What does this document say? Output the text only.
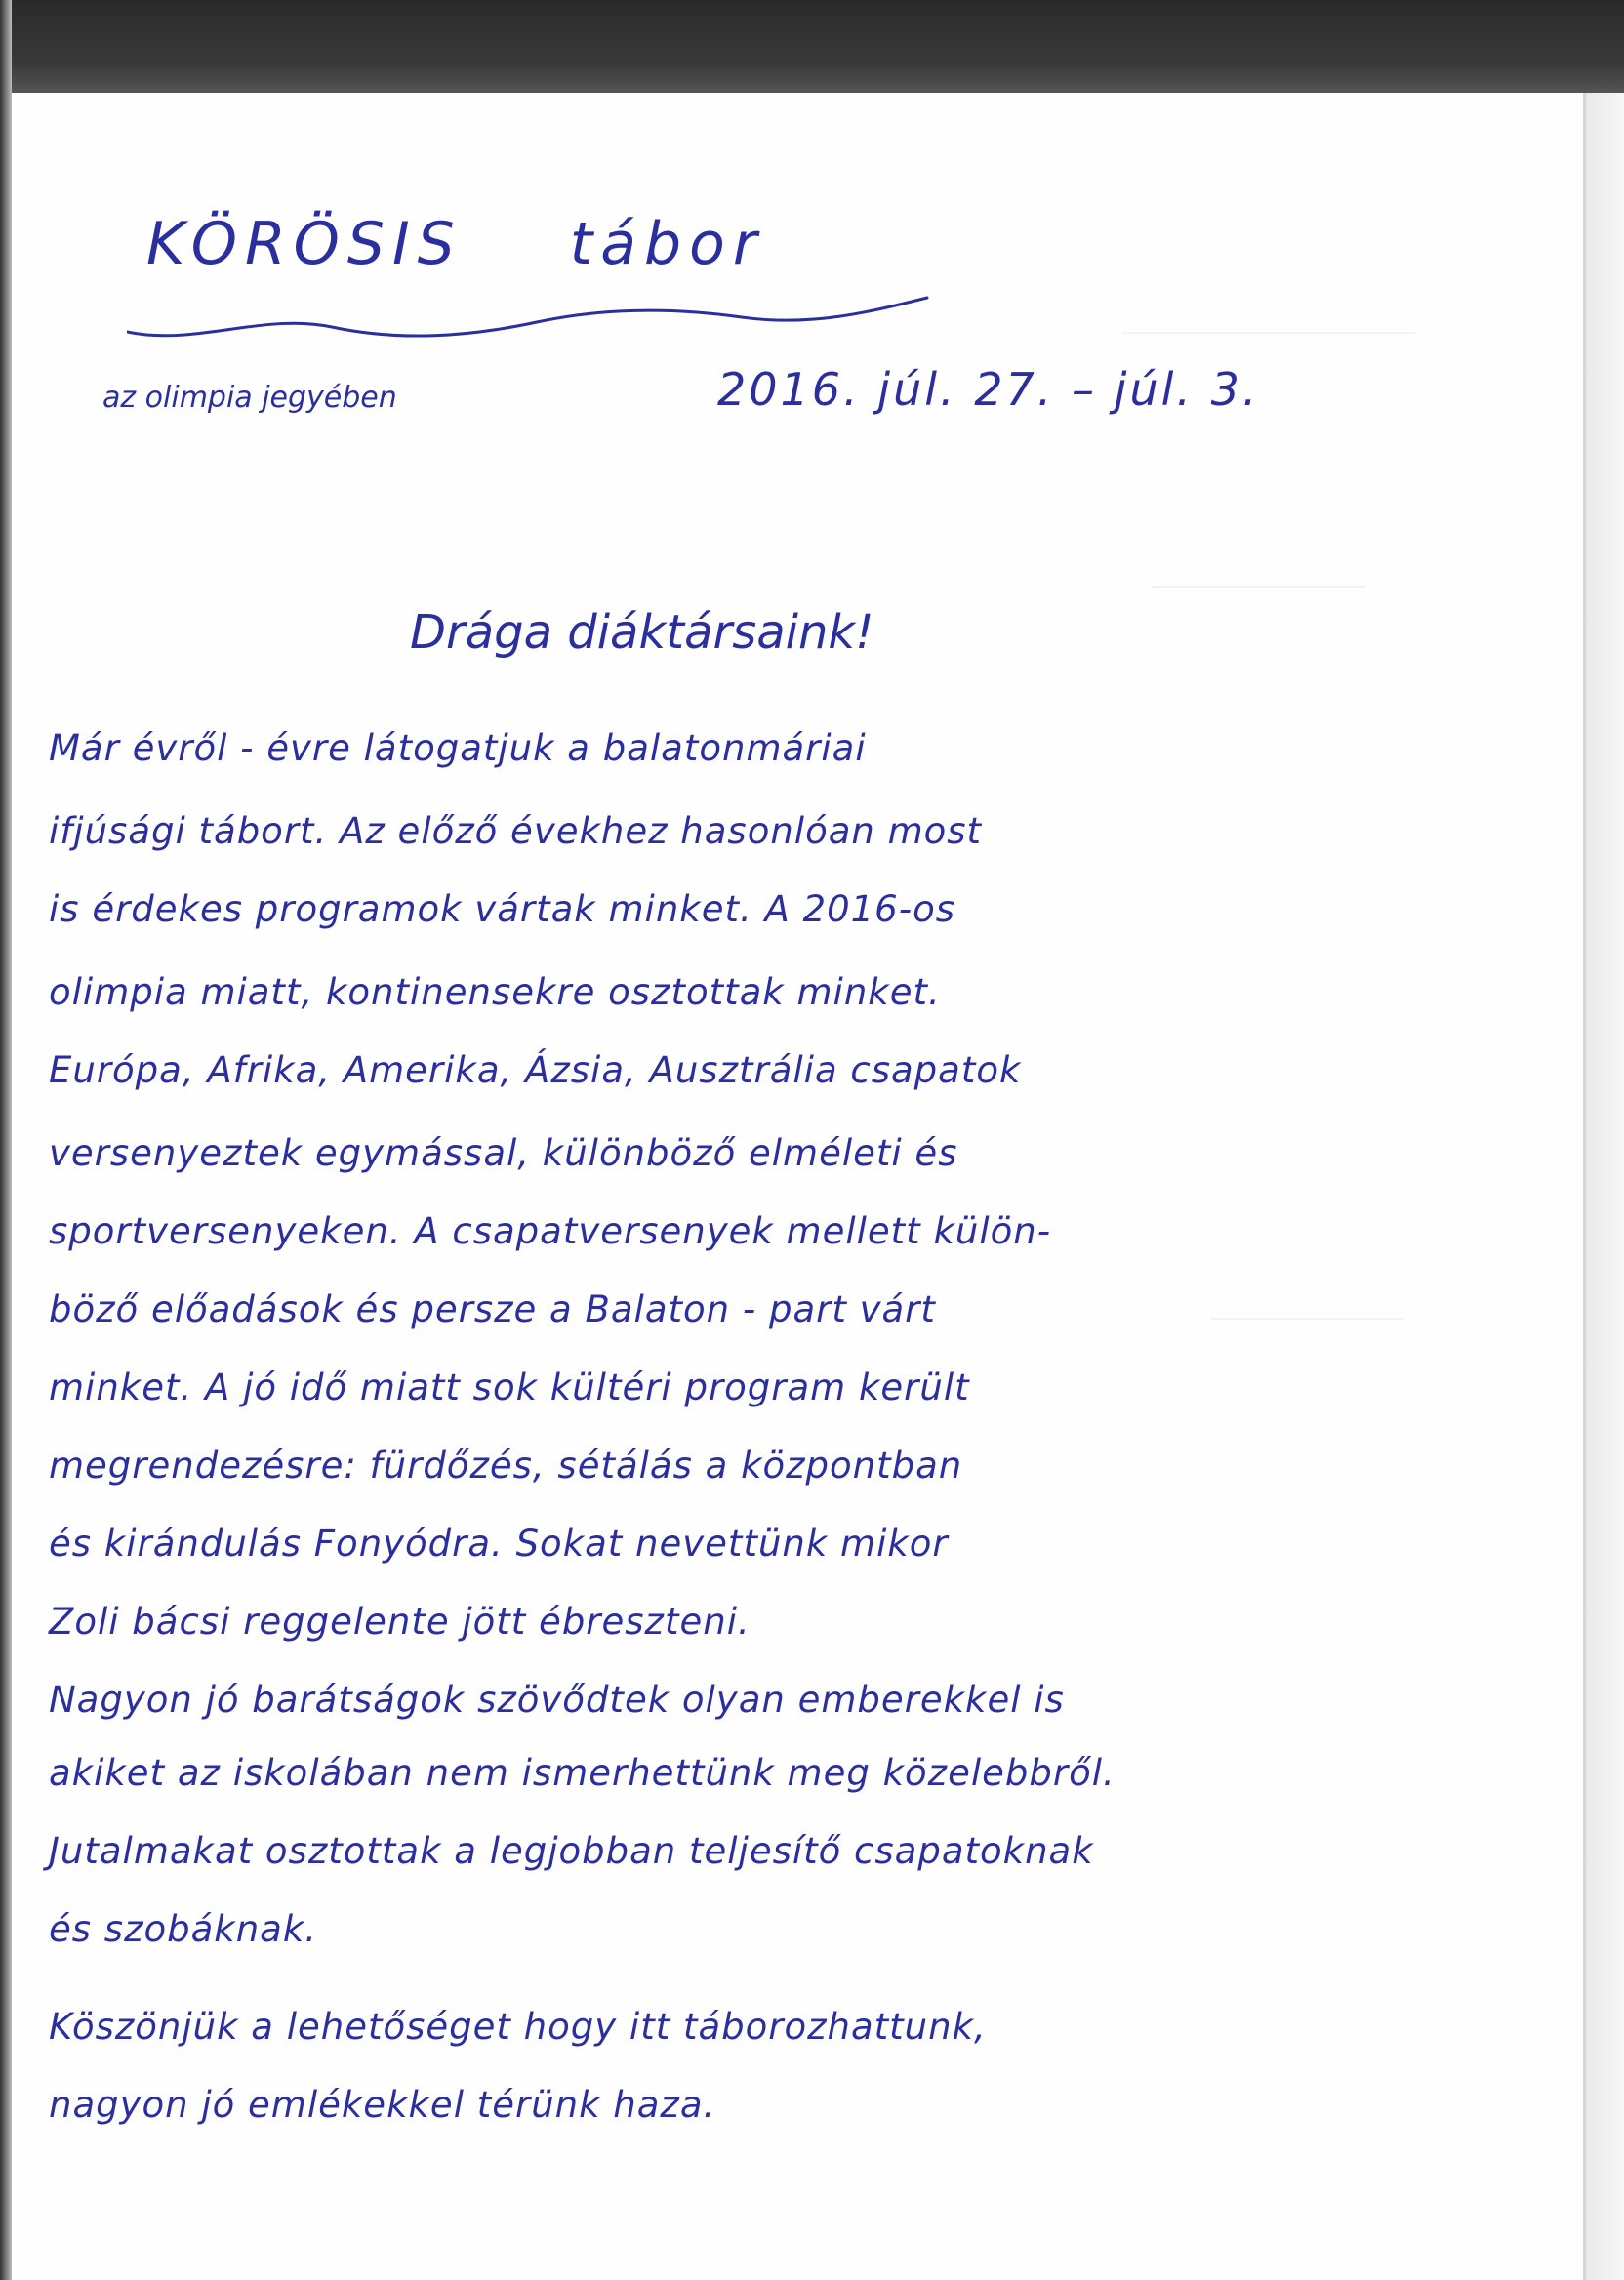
KÖRÖSIS tábor
az olimpia jegyében	2016. júl. 27. – júl. 3.
Drága diáktársaink!
Már évről - évre látogatjuk a balatonmáriai
ifjúsági tábort. Az előző évekhez hasonlóan most
is érdekes programok vártak minket. A 2016-os
olimpia miatt, kontinensekre osztottak minket.
Európa, Afrika, Amerika, Ázsia, Ausztrália csapatok
versenyeztek egymással, különböző elméleti és
sportversenyeken. A csapatversenyek mellett külön-
böző előadások és persze a Balaton - part várt
minket. A jó idő miatt sok kültéri program került
megrendezésre: fürdőzés, sétálás a központban
és kirándulás Fonyódra. Sokat nevettünk mikor
Zoli bácsi reggelente jött ébreszteni.
Nagyon jó barátságok szövődtek olyan emberekkel is
akiket az iskolában nem ismerhettünk meg közelebbről.
Jutalmakat osztottak a legjobban teljesítő csapatoknak
és szobáknak.
Köszönjük a lehetőséget hogy itt táborozhattunk,
nagyon jó emlékekkel térünk haza.
